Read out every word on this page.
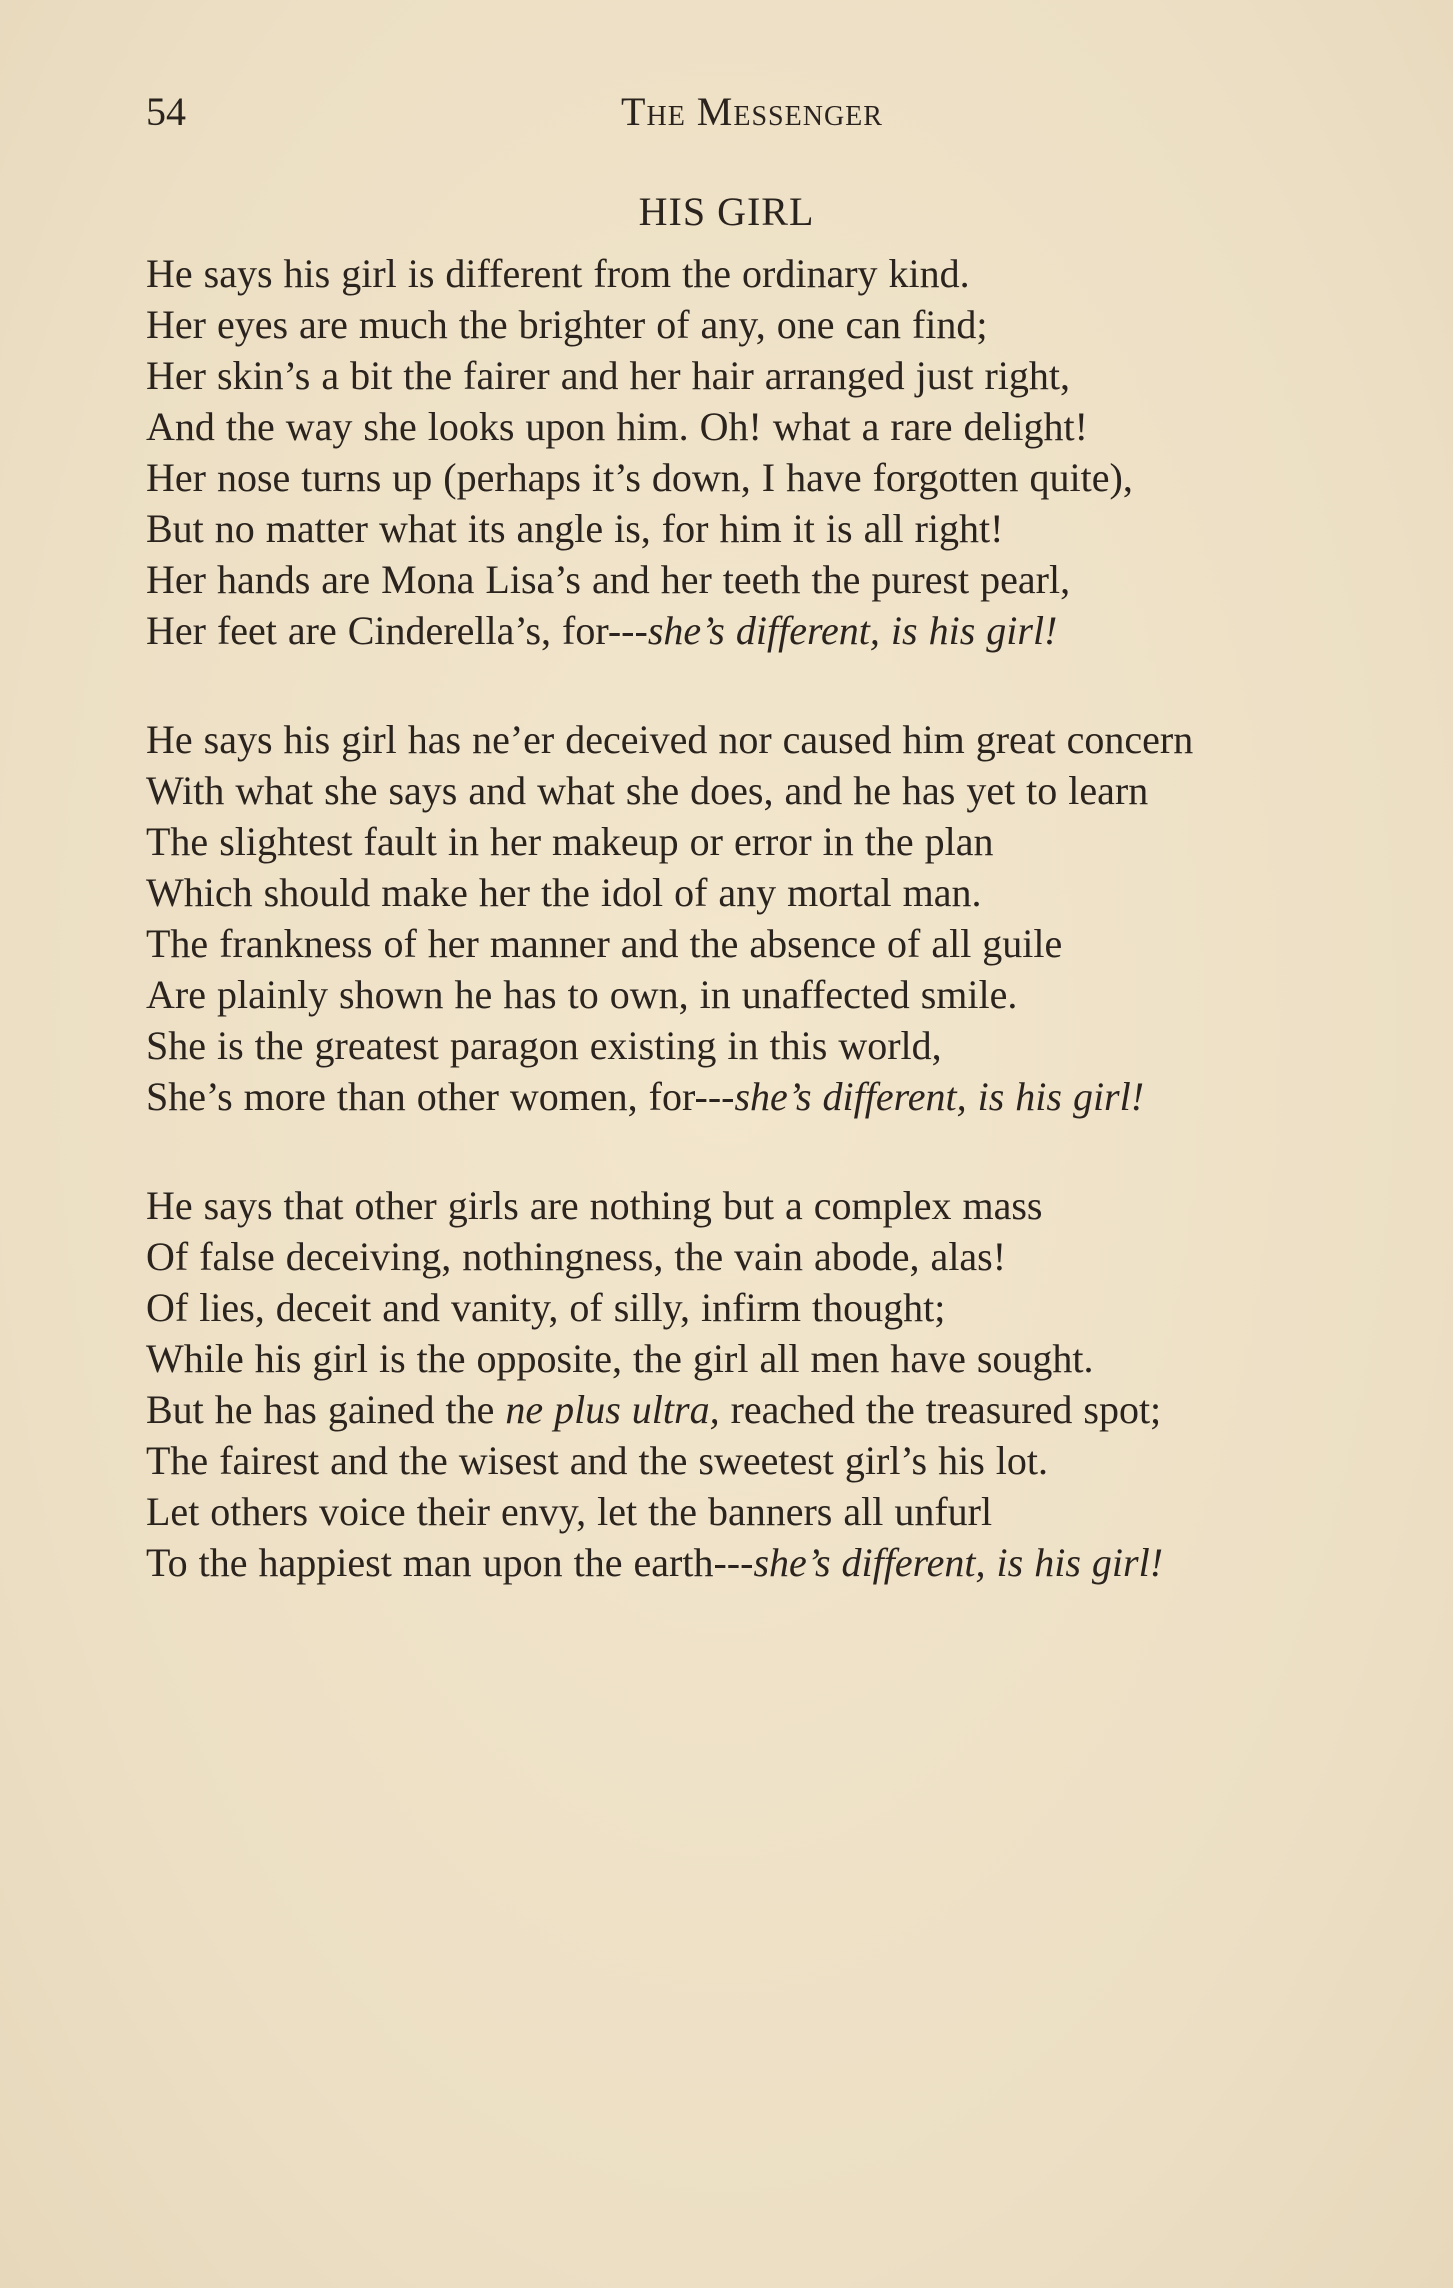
54	The Messenger
HIS GIRL
He says his girl is different from the ordinary kind.
Her eyes are much the brighter of any, one can find;
Her skin’s a bit the fairer and her hair arranged just right,
And the way she looks upon him. Oh! what a rare delight!
Her nose turns up (perhaps it’s down, I have forgotten quite),
But no matter what its angle is, for him it is all right!
Her hands are Mona Lisa’s and her teeth the purest pearl,
Her feet are Cinderella’s, for---she’s different, is his girl!
He says his girl has ne’er deceived nor caused him great concern
With what she says and what she does, and he has yet to learn
The slightest fault in her makeup or error in the plan
Which should make her the idol of any mortal man.
The frankness of her manner and the absence of all guile
Are plainly shown he has to own, in unaffected smile.
She is the greatest paragon existing in this world,
She’s more than other women, for---she’s different, is his girl!
He says that other girls are nothing but a complex mass
Of false deceiving, nothingness, the vain abode, alas!
Of lies, deceit and vanity, of silly, infirm thought;
While his girl is the opposite, the girl all men have sought.
But he has gained the ne plus ultra, reached the treasured spot;
The fairest and the wisest and the sweetest girl’s his lot.
Let others voice their envy, let the banners all unfurl
To the happiest man upon the earth---she’s different, is his girl!
